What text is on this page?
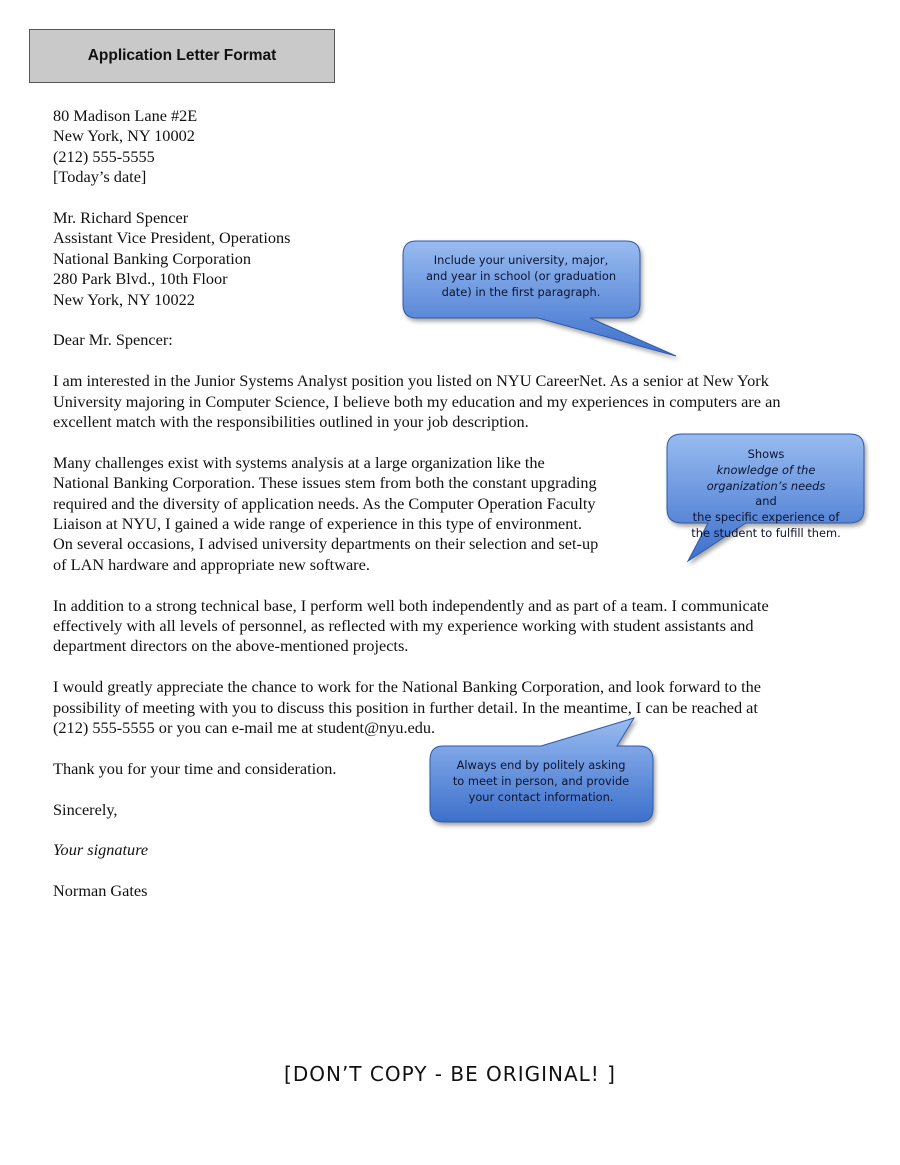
Application Letter Format

80 Madison Lane #2E
New York, NY 10002
(212) 555-5555
[Today’s date]

Mr. Richard Spencer
Assistant Vice President, Operations
National Banking Corporation
280 Park Blvd., 10th Floor
New York, NY 10022

Dear Mr. Spencer:

I am interested in the Junior Systems Analyst position you listed on NYU CareerNet. As a senior at New York
University majoring in Computer Science, I believe both my education and my experiences in computers are an
excellent match with the responsibilities outlined in your job description.

Many challenges exist with systems analysis at a large organization like the
National Banking Corporation. These issues stem from both the constant upgrading
required and the diversity of application needs. As the Computer Operation Faculty
Liaison at NYU, I gained a wide range of experience in this type of environment.
On several occasions, I advised university departments on their selection and set-up
of LAN hardware and appropriate new software.

In addition to a strong technical base, I perform well both independently and as part of a team. I communicate
effectively with all levels of personnel, as reflected with my experience working with student assistants and
department directors on the above-mentioned projects.

I would greatly appreciate the chance to work for the National Banking Corporation, and look forward to the
possibility of meeting with you to discuss this position in further detail. In the meantime, I can be reached at
(212) 555-5555 or you can e-mail me at student@nyu.edu.

Thank you for your time and consideration.

Sincerely,

Your signature

Norman Gates

Include your university, major,
and year in school (or graduation
date) in the first paragraph.
Shows
knowledge of the
organization’s needs
and
the specific experience of
the student to fulfill them.
Always end by politely asking
to meet in person, and provide
your contact information.
[DON’T COPY - BE ORIGINAL! ]
